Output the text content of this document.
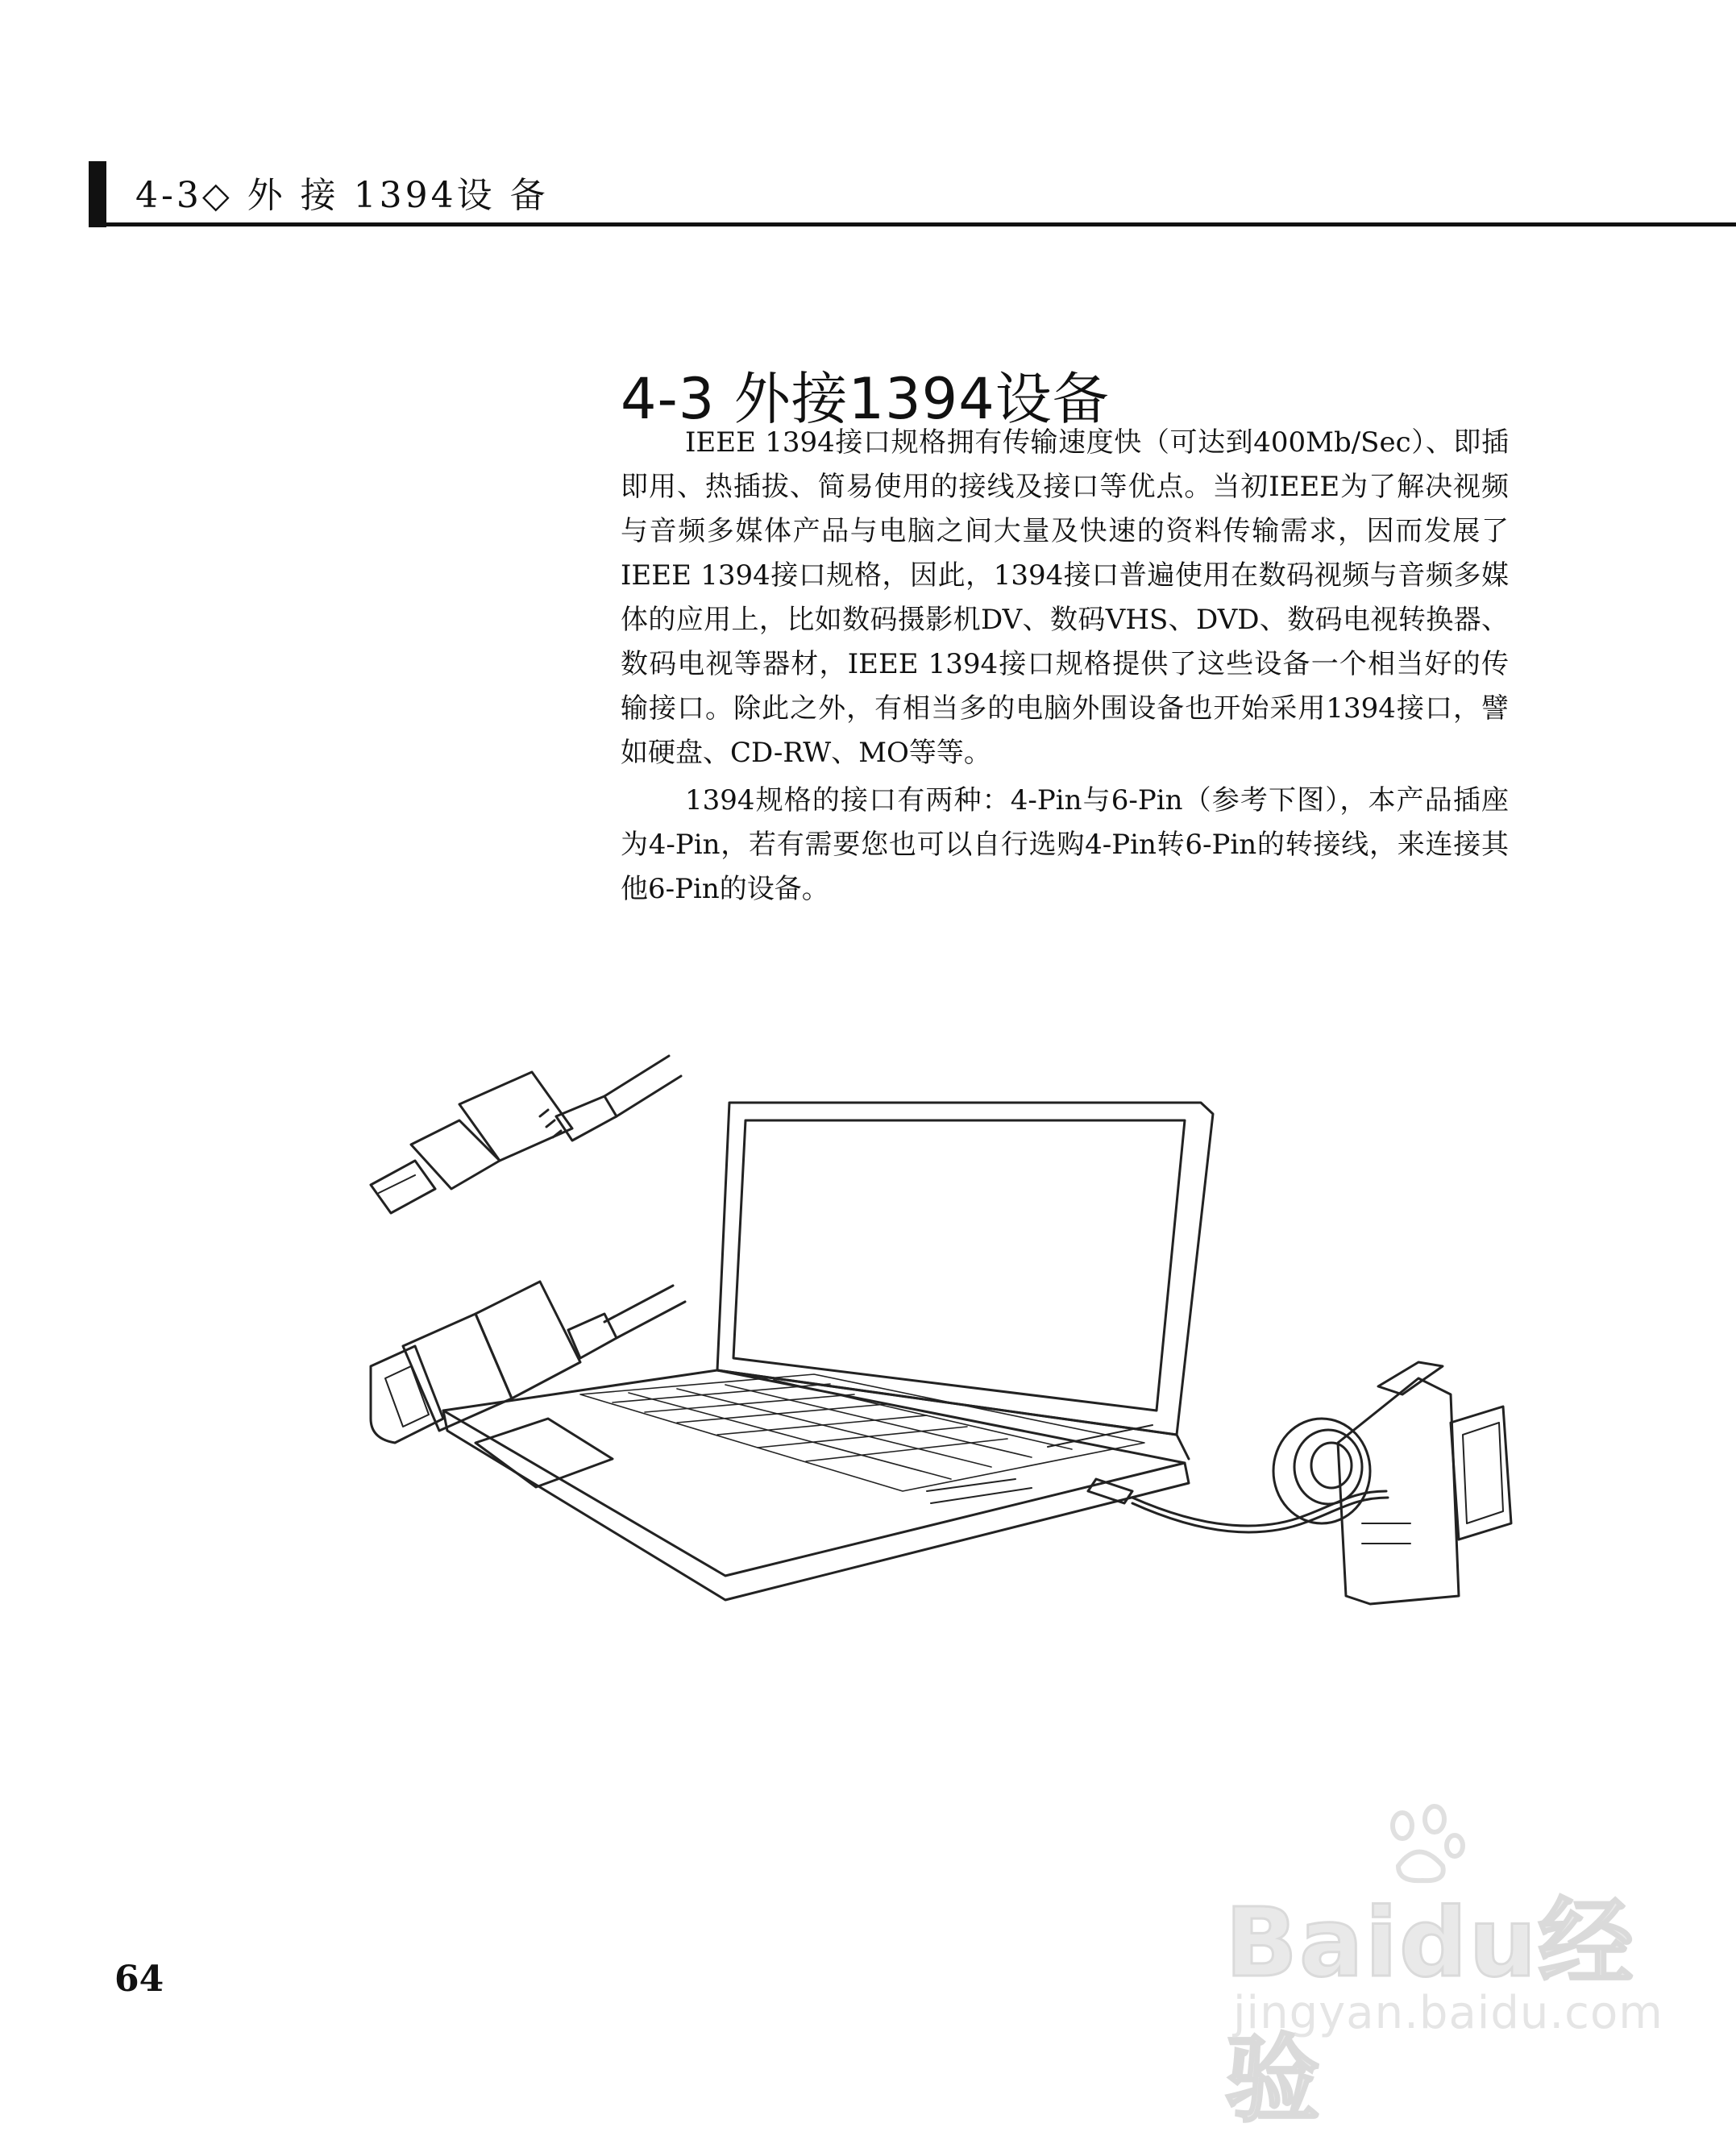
4-3◇ 外 接 1394设 备
4-3 外接1394设备

IEEE 1394接口规格拥有传输速度快（可达到400Mb/Sec）、即插即用、热插拔、简易使用的接线及接口等优点。当初IEEE为了解决视频与音频多媒体产品与电脑之间大量及快速的资料传输需求，因而发展了IEEE 1394接口规格，因此，1394接口普遍使用在数码视频与音频多媒体的应用上，比如数码摄影机DV、数码VHS、DVD、数码电视转换器、数码电视等器材，IEEE 1394接口规格提供了这些设备一个相当好的传输接口。除此之外，有相当多的电脑外围设备也开始采用1394接口，譬如硬盘、CD-RW、MO等等。

1394规格的接口有两种：4-Pin与6-Pin（参考下图），本产品插座为4-Pin，若有需要您也可以自行选购4-Pin转6-Pin的转接线，来连接其他6-Pin的设备。

64	Baidu经验
jingyan.baidu.com
